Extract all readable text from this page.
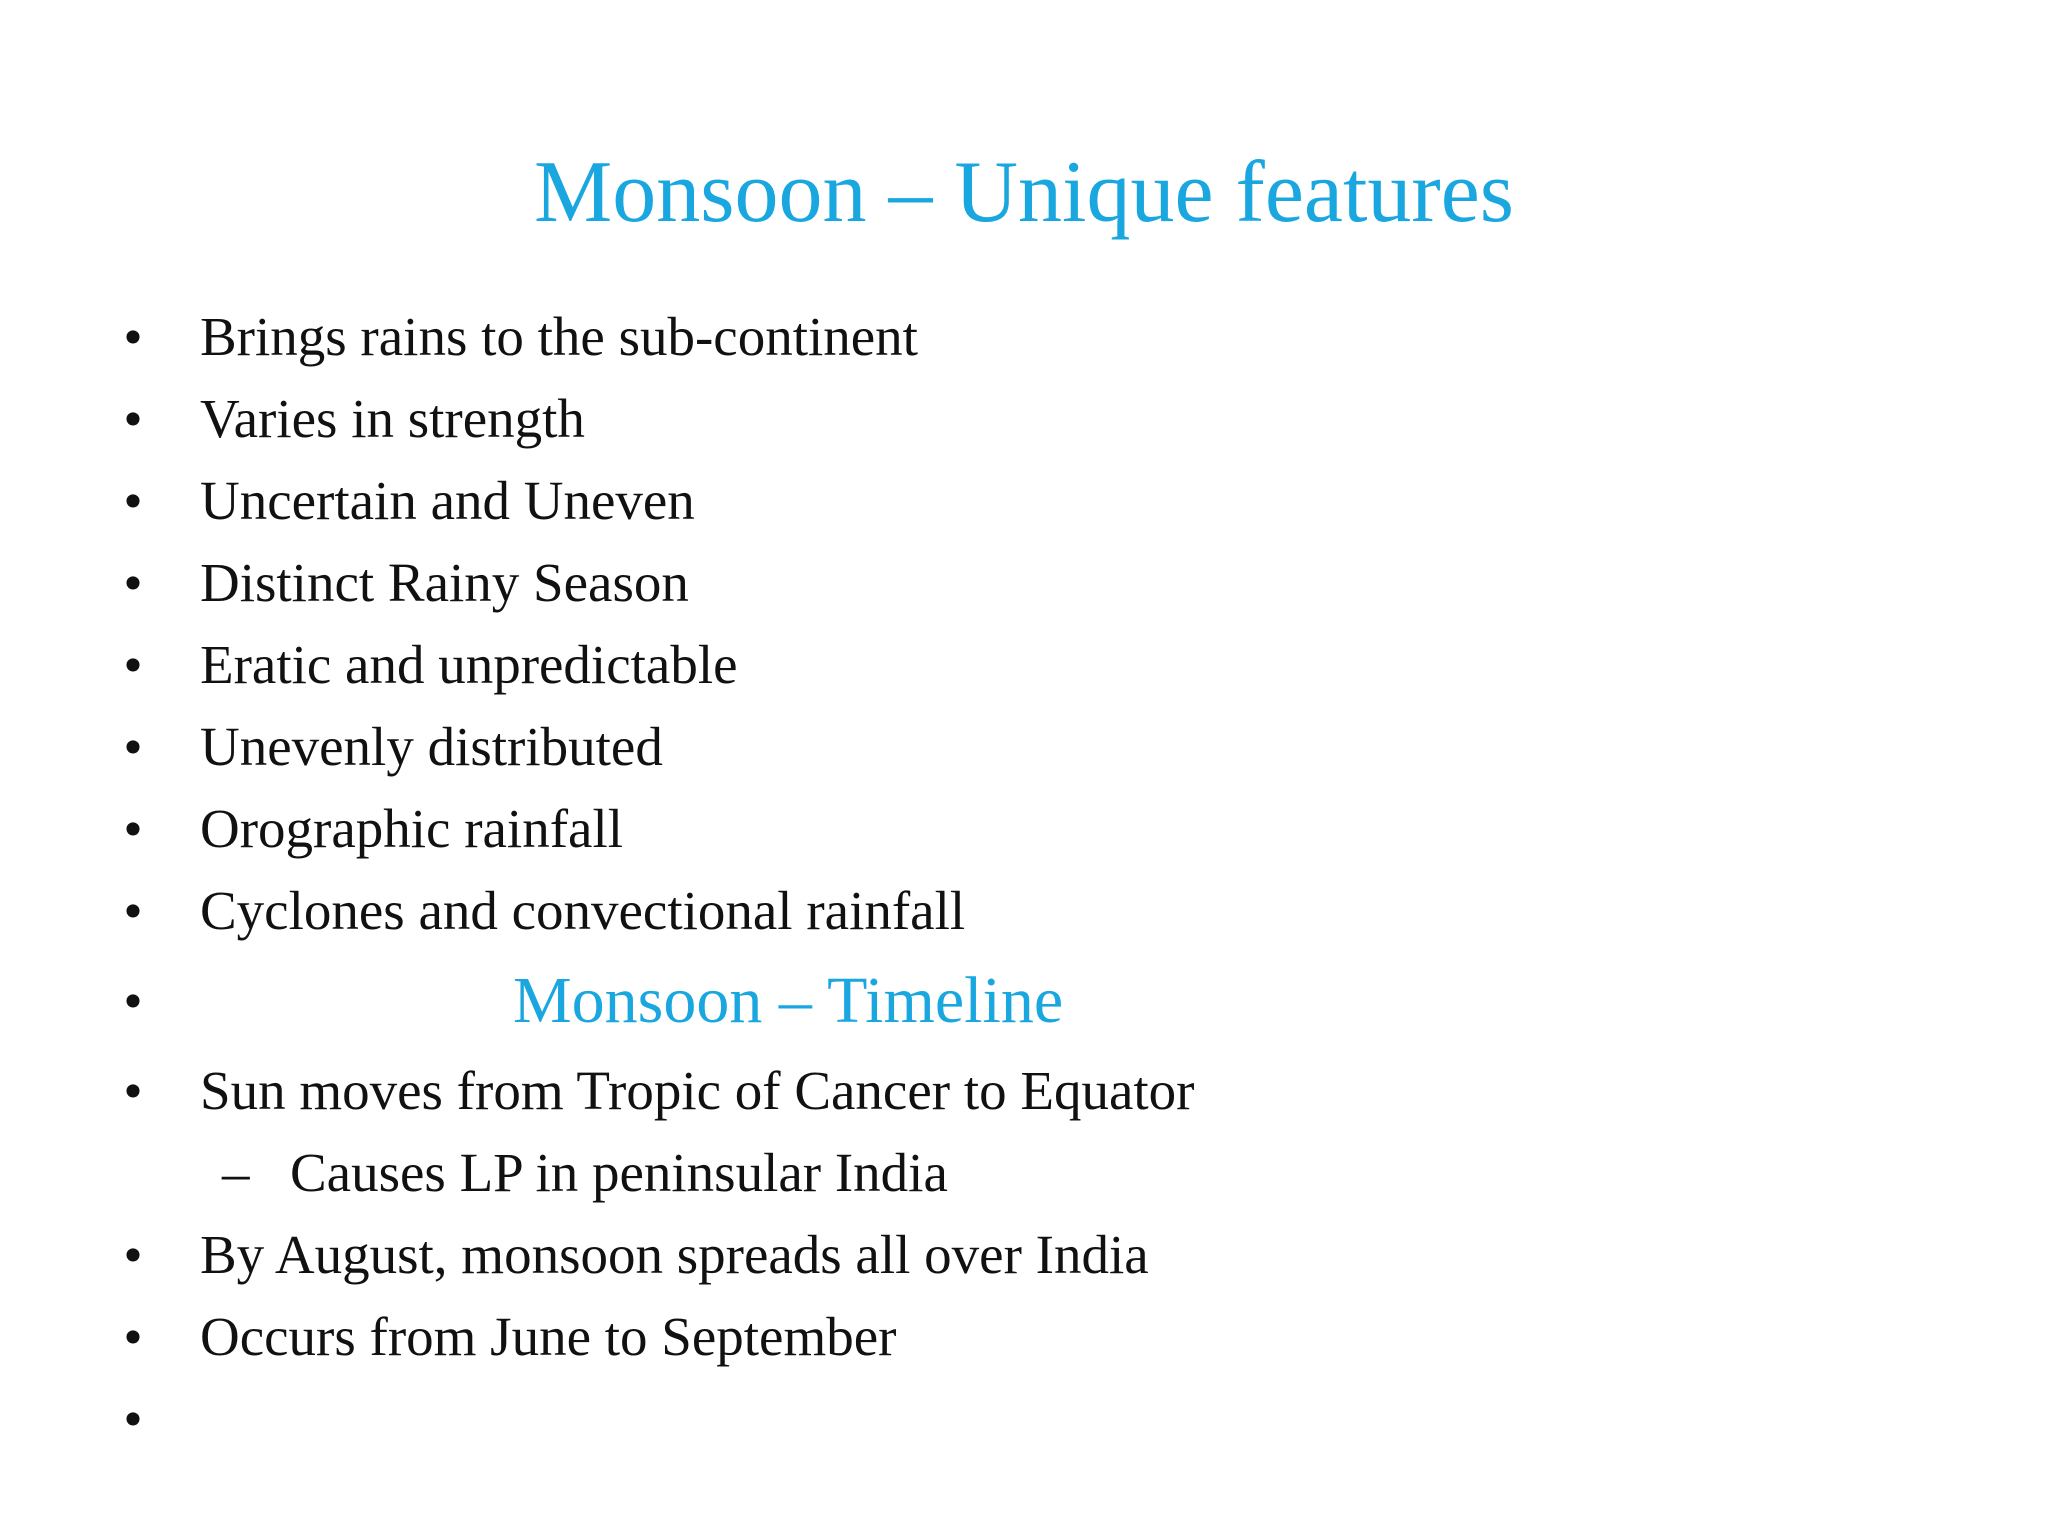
Monsoon – Unique features
• Brings rains to the sub-continent
• Varies in strength
• Uncertain and Uneven
• Distinct Rainy Season
• Eratic and unpredictable
• Unevenly distributed
• Orographic rainfall
• Cyclones and convectional rainfall
•	Monsoon – Timeline
• Sun moves from Tropic of Cancer to Equator
– Causes LP in peninsular India
• By August, monsoon spreads all over India
• Occurs from June to September
•
